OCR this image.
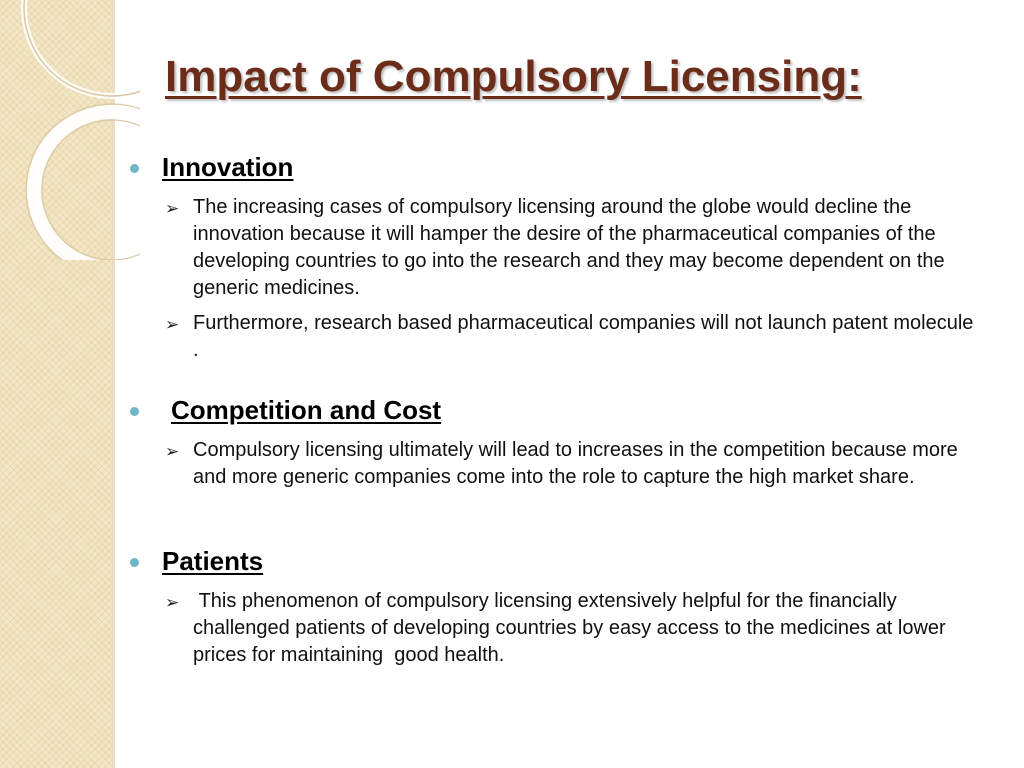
Impact of Compulsory Licensing:
Innovation
➢ The increasing cases of compulsory licensing around the globe would decline the innovation because it will hamper the desire of the pharmaceutical companies of the developing countries to go into the research and they may become dependent on the generic medicines.
➢ Furthermore, research based pharmaceutical companies will not launch patent molecule .
Competition and Cost
➢ Compulsory licensing ultimately will lead to increases in the competition because more and more generic companies come into the role to capture the high market share.
Patients
➢ This phenomenon of compulsory licensing extensively helpful for the financially challenged patients of developing countries by easy access to the medicines at lower prices for maintaining  good health.
